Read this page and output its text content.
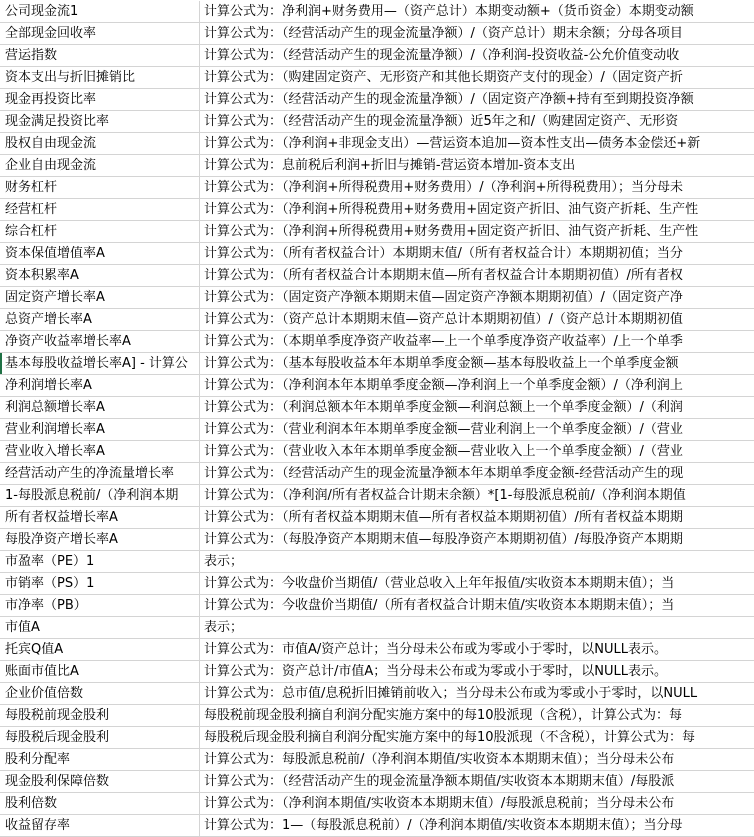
公司现金流1	计算公式为：净利润+财务费用—（资产总计）本期变动额+（货币资金）本期变动额
全部现金回收率	计算公式为：（经营活动产生的现金流量净额）/（资产总计）期末余额；分母各项目
营运指数	计算公式为：（经营活动产生的现金流量净额）/（净利润-投资收益-公允价值变动收
资本支出与折旧摊销比	计算公式为：（购建固定资产、无形资产和其他长期资产支付的现金）/（固定资产折
现金再投资比率	计算公式为：（经营活动产生的现金流量净额）/（固定资产净额+持有至到期投资净额
现金满足投资比率	计算公式为：（经营活动产生的现金流量净额）近5年之和/（购建固定资产、无形资
股权自由现金流	计算公式为：（净利润+非现金支出）—营运资本追加—资本性支出—债务本金偿还+新
企业自由现金流	计算公式为：息前税后利润+折旧与摊销-营运资本增加-资本支出
财务杠杆	计算公式为：（净利润+所得税费用+财务费用）/（净利润+所得税费用）；当分母未
经营杠杆	计算公式为：（净利润+所得税费用+财务费用+固定资产折旧、油气资产折耗、生产性
综合杠杆	计算公式为：（净利润+所得税费用+财务费用+固定资产折旧、油气资产折耗、生产性
资本保值增值率A	计算公式为：（所有者权益合计）本期期末值/（所有者权益合计）本期期初值；当分
资本积累率A	计算公式为：（所有者权益合计本期期末值—所有者权益合计本期期初值）/所有者权
固定资产增长率A	计算公式为：（固定资产净额本期期末值—固定资产净额本期期初值）/（固定资产净
总资产增长率A	计算公式为：（资产总计本期期末值—资产总计本期期初值）/（资产总计本期期初值
净资产收益率增长率A	计算公式为：（本期单季度净资产收益率—上一个单季度净资产收益率）/上一个单季
基本每股收益增长率A] - 计算公	计算公式为：（基本每股收益本年本期单季度金额—基本每股收益上一个单季度金额
净利润增长率A	计算公式为：（净利润本年本期单季度金额—净利润上一个单季度金额）/（净利润上
利润总额增长率A	计算公式为：（利润总额本年本期单季度金额—利润总额上一个单季度金额）/（利润
营业利润增长率A	计算公式为：（营业利润本年本期单季度金额—营业利润上一个单季度金额）/（营业
营业收入增长率A	计算公式为：（营业收入本年本期单季度金额—营业收入上一个单季度金额）/（营业
经营活动产生的净流量增长率	计算公式为：（经营活动产生的现金流量净额本年本期单季度金额-经营活动产生的现
1-每股派息税前/（净利润本期	计算公式为：（净利润/所有者权益合计期末余额）*[1-每股派息税前/（净利润本期值
所有者权益增长率A	计算公式为：（所有者权益本期期末值—所有者权益本期期初值）/所有者权益本期期
每股净资产增长率A	计算公式为：（每股净资产本期期末值—每股净资产本期期初值）/每股净资产本期期
市盈率（PE）1	表示；
市销率（PS）1	计算公式为：今收盘价当期值/（营业总收入上年年报值/实收资本本期期末值）；当
市净率（PB）	计算公式为：今收盘价当期值/（所有者权益合计期末值/实收资本本期期末值）；当
市值A	表示；
托宾Q值A	计算公式为：市值A/资产总计；当分母未公布或为零或小于零时，以NULL表示。
账面市值比A	计算公式为：资产总计/市值A；当分母未公布或为零或小于零时，以NULL表示。
企业价值倍数	计算公式为：总市值/息税折旧摊销前收入；当分母未公布或为零或小于零时，以NULL
每股税前现金股利	每股税前现金股利摘自利润分配实施方案中的每10股派现（含税），计算公式为：每
每股税后现金股利	每股税后现金股利摘自利润分配实施方案中的每10股派现（不含税），计算公式为：每
股利分配率	计算公式为：每股派息税前/（净利润本期值/实收资本本期期末值）；当分母未公布
现金股利保障倍数	计算公式为：（经营活动产生的现金流量净额本期值/实收资本本期期末值）/每股派
股利倍数	计算公式为：（净利润本期值/实收资本本期期末值）/每股派息税前；当分母未公布
收益留存率	计算公式为：1—（每股派息税前）/（净利润本期值/实收资本本期期末值）；当分母
